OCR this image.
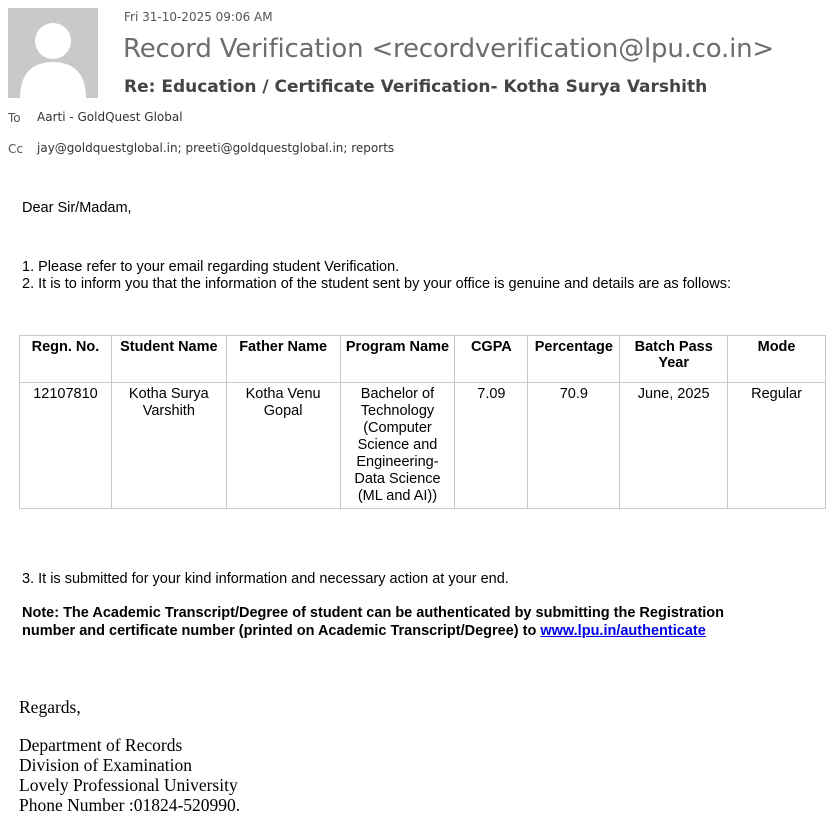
Fri 31-10-2025 09:06 AM
Record Verification <recordverification@lpu.co.in>
Re: Education / Certificate Verification- Kotha Surya Varshith
To Aarti - GoldQuest Global
Cc jay@goldquestglobal.in; preeti@goldquestglobal.in; reports
Dear Sir/Madam,
1. Please refer to your email regarding student Verification.
2. It is to inform you that the information of the student sent by your office is genuine and details are as follows:
Regn. No.	Student Name	Father Name	Program Name	CGPA	Percentage	Batch Pass Year	Mode
12107810	Kotha Surya Varshith	Kotha Venu Gopal	Bachelor of Technology (Computer Science and Engineering-Data Science (ML and AI))	7.09	70.9	June, 2025	Regular
3. It is submitted for your kind information and necessary action at your end.
Note: The Academic Transcript/Degree of student can be authenticated by submitting the Registration
number and certificate number (printed on Academic Transcript/Degree) to www.lpu.in/authenticate
Regards,
Department of Records
Division of Examination
Lovely Professional University
Phone Number :01824-520990.
